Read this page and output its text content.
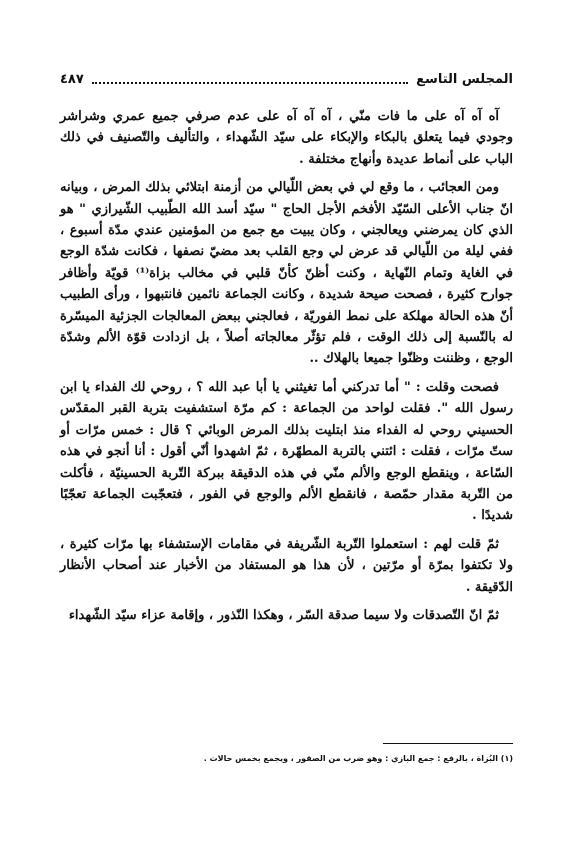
٤٨٧	المجلس التاسع

آه آه آه على ما فات منّي ، آه آه آه على عدم صرفي جميع عمري وشراشر وجودي فيما يتعلق بالبكاء والإبكاء على سيّد الشّهداء ، والتأليف والتّصنيف في ذلك الباب على أنماط عديدة وأنهاج مختلفة .

ومن العجائب ، ما وقع لي في بعض اللّيالي من أزمنة ابتلائي بذلك المرض ، وبيانه انّ جناب الأعلى السّيّد الأفخم الأجل الحاج " سيّد أسد الله الطّبيب الشّيرازي " هو الذي كان يمرضني ويعالجني ، وكان يبيت مع جمع من المؤمنين عندي مدّة أسبوع ، ففي ليلة من اللّيالي قد عرض لي وجع القلب بعد مضيّ نصفها ، فكانت شدّة الوجع في الغاية وتمام النّهاية ، وكنت أظنّ كأنّ قلبي في مخالب بزاة⁽¹⁾ قويّة وأظافر جوارح كثيرة ، فصحت صيحة شديدة ، وكانت الجماعة نائمين فانتبهوا ، ورأى الطبيب أنّ هذه الحالة مهلكة على نمط الفوريّة ، فعالجني ببعض المعالجات الجزئية الميسّرة له بالنّسبة إلى ذلك الوقت ، فلم تؤثّر معالجاته أصلاً ، بل ازدادت قوّة الألم وشدّة الوجع ، وظننت وظنّوا جميعا بالهلاك ..

فصحت وقلت : " أما تدركني أما تغيثني يا أبا عبد الله ؟ ، روحي لك الفداء يا ابن رسول الله ". فقلت لواحد من الجماعة : كم مرّة استشفيت بتربة القبر المقدّس الحسيني روحي له الفداء منذ ابتليت بذلك المرض الوبائي ؟ قال : خمس مرّات أو ستّ مرّات ، فقلت : ائتني بالتربة المطهّرة ، ثمّ اشهدوا أنّي أقول : أنا أنجو في هذه السّاعة ، وينقطع الوجع والألم منّي في هذه الدقيقة ببركة التّربة الحسينيّة ، فأكلت من التّربة مقدار حمّصة ، فانقطع الألم والوجع في الفور ، فتعجّبت الجماعة تعجّبًا شديدًا .

ثمّ قلت لهم : استعملوا التّربة الشّريفة في مقامات الإستشفاء بها مرّات كثيرة ، ولا تكتفوا بمرّة أو مرّتين ، لأن هذا هو المستفاد من الأخبار عند أصحاب الأنظار الدّقيقة .

ثمّ انّ التّصدقات ولا سيما صدقة السّر ، وهكذا النّذور ، وإقامة عزاء سيّد الشّهداء

(١) البُزاة ، بالرفع : جمع البازي : وهو ضرب من الصقور ، ويجمع بخمس حالات .
